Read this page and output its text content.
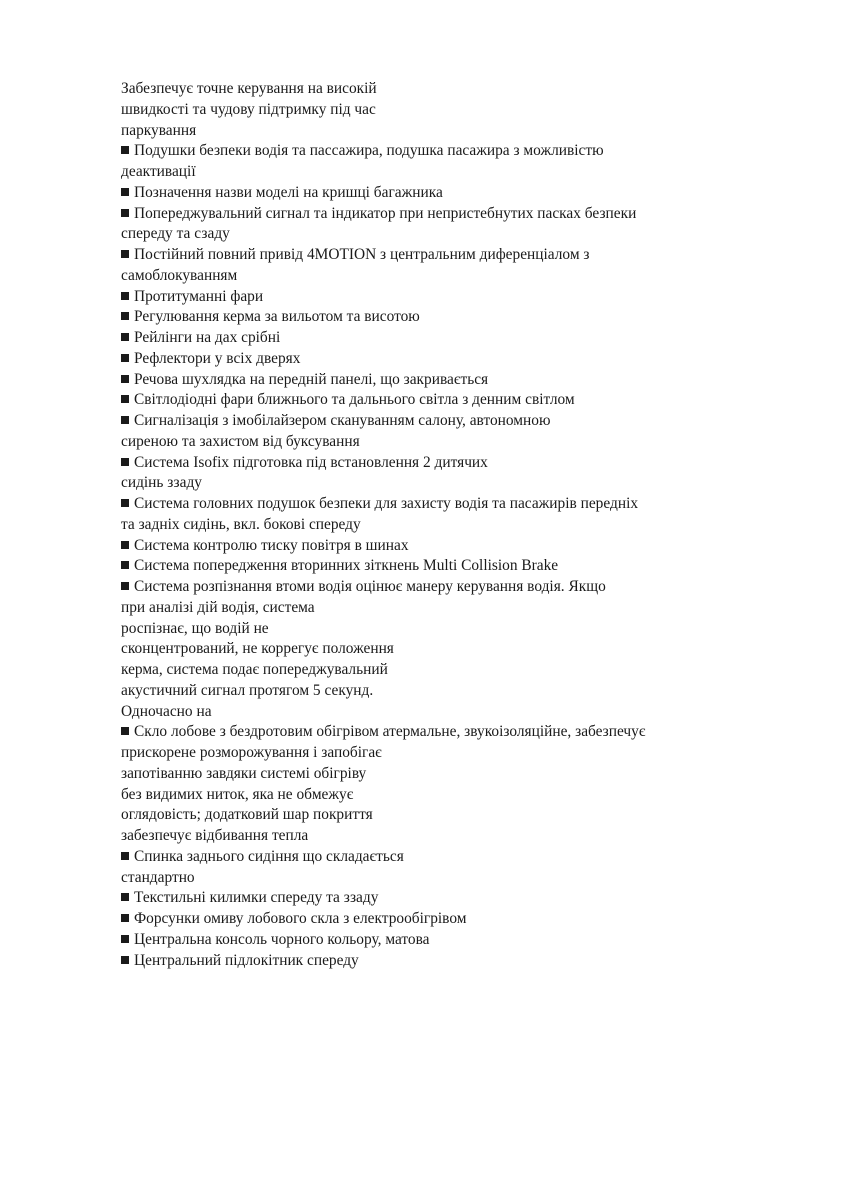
Забезпечує точне керування на високій
швидкості та чудову підтримку під час
паркування
Подушки безпеки водія та пассажира, подушка пасажира з можливістю
деактивації
Позначення назви моделі на кришці багажника
Попереджувальний сигнал та індикатор при непристебнутих пасках безпеки
спереду та сзаду
Постійний повний привід 4MOTION з центральним диференціалом з
самоблокуванням
Протитуманні фари
Регулювання керма за вильотом та висотою
Рейлінги на дах срібні
Рефлектори у всіх дверях
Речова шухлядка на передній панелі, що закривається
Світлодіодні фари ближнього та дальнього світла з денним світлом
Сигналізація з імобілайзером скануванням салону, автономною
сиреною та захистом від буксування
Система Isofix підготовка під встановлення 2 дитячих
сидінь ззаду
Система головних подушок безпеки для захисту водія та пасажирів передніх
та задніх сидінь, вкл. бокові спереду
Система контролю тиску повітря в шинах
Система попередження вторинних зіткнень Multi Collision Brake
Система розпізнання втоми водія оцінює манеру керування водія. Якщо
при аналізі дій водія, система
роспізнає, що водій не
сконцентрований, не коррегує положення
керма, система подає попереджувальний
акустичний сигнал протягом 5 секунд.
Одночасно на
Скло лобове з бездротовим обігрівом атермальне, звукоізоляційне, забезпечує
прискорене розморожування і запобігає
запотіванню завдяки системі обігріву
без видимих ниток, яка не обмежує
оглядовість; додатковий шар покриття
забезпечує відбивання тепла
Спинка заднього сидіння що складається
стандартно
Текстильні килимки спереду та ззаду
Форсунки омиву лобового скла з електрообігрівом
Центральна консоль чорного кольору, матова
Центральний підлокітник спереду
